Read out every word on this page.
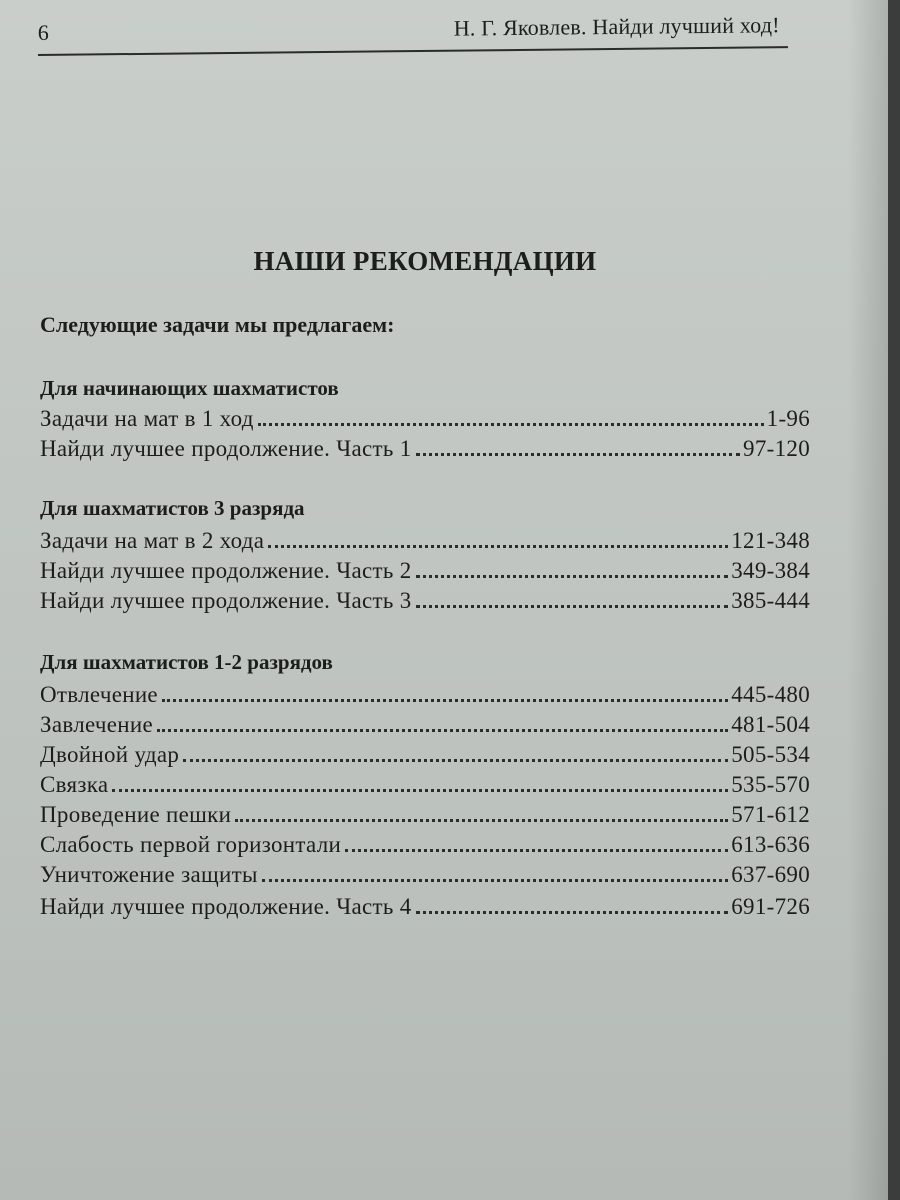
6	Н. Г. Яковлев. Найди лучший ход!
НАШИ РЕКОМЕНДАЦИИ
Следующие задачи мы предлагаем:
Для начинающих шахматистов
Задачи на мат в 1 ход	1-96
Найди лучшее продолжение. Часть 1	97-120
Для шахматистов 3 разряда
Задачи на мат в 2 хода	121-348
Найди лучшее продолжение. Часть 2	349-384
Найди лучшее продолжение. Часть 3	385-444
Для шахматистов 1-2 разрядов
Отвлечение	445-480
Завлечение	481-504
Двойной удар	505-534
Связка	535-570
Проведение пешки	571-612
Слабость первой горизонтали	613-636
Уничтожение защиты	637-690
Найди лучшее продолжение. Часть 4	691-726
